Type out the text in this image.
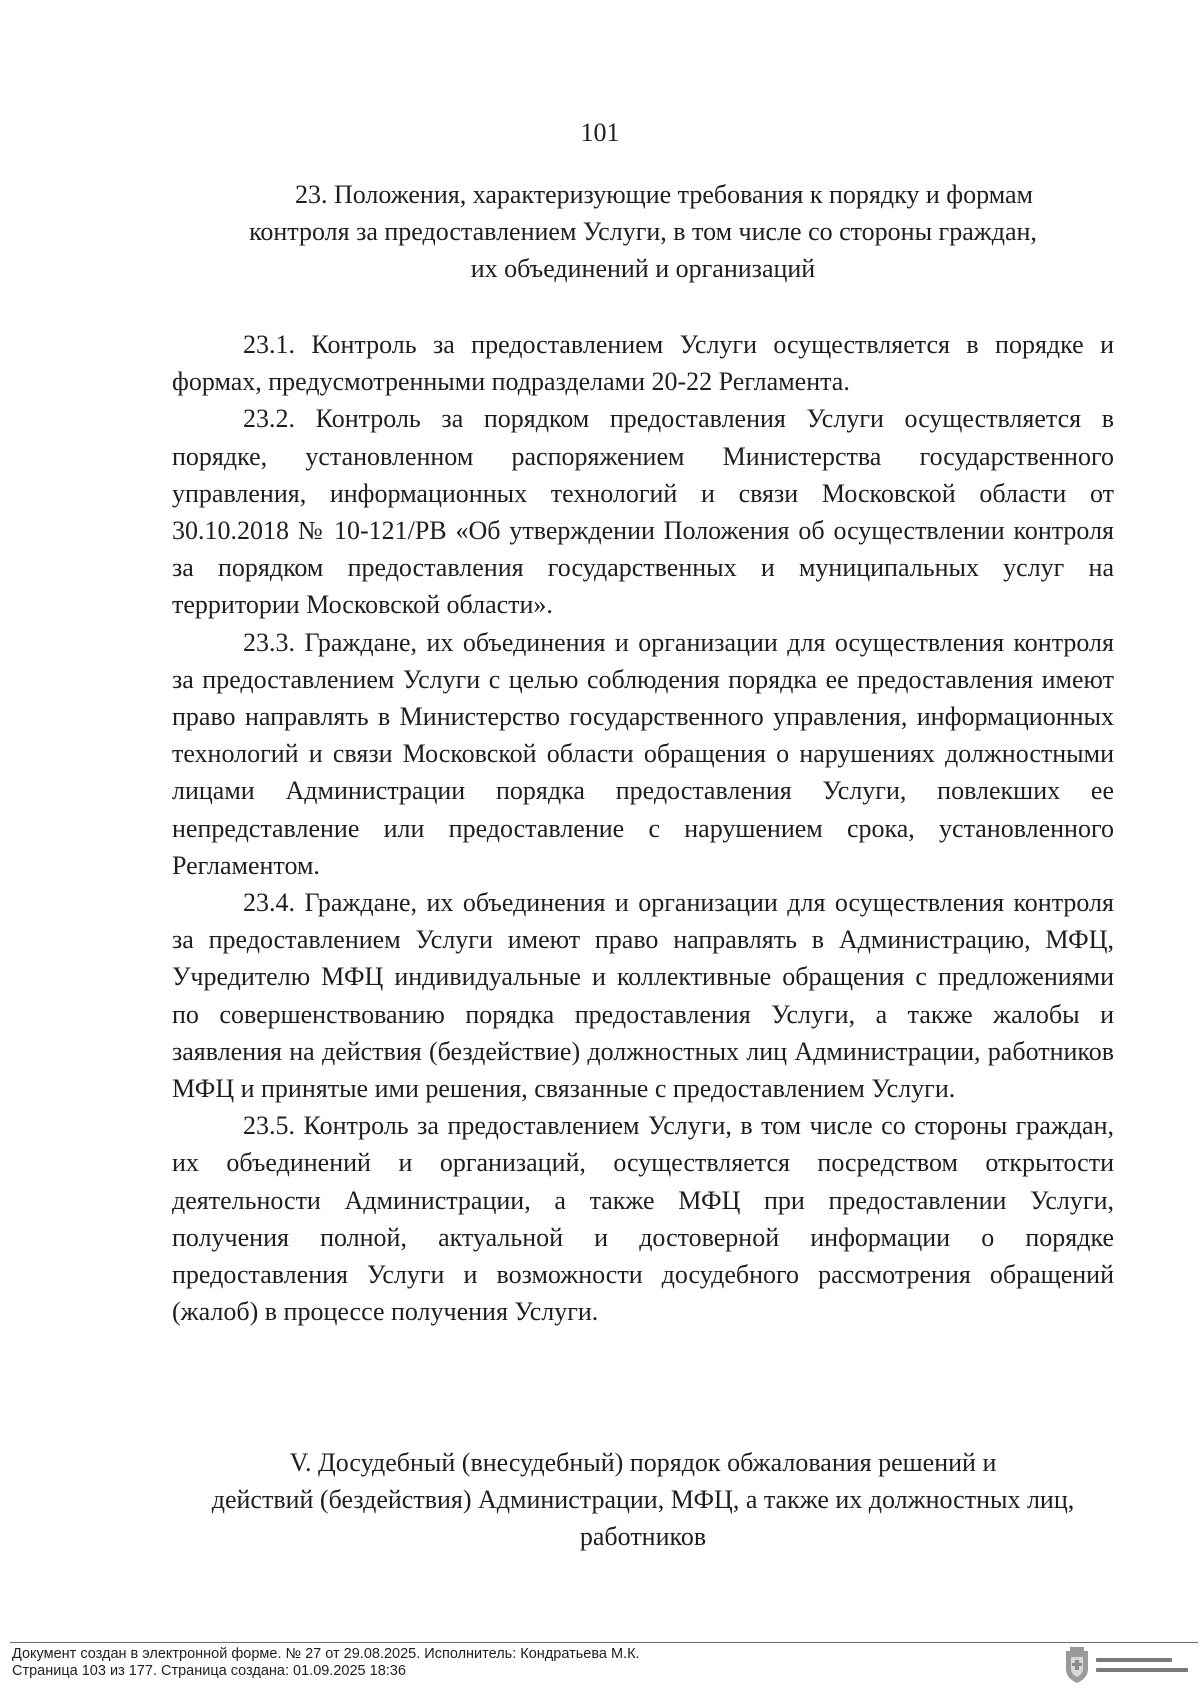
101
23. Положения, характеризующие требования к порядку и формам
контроля за предоставлением Услуги, в том числе со стороны граждан,
их объединений и организаций

23.1. Контроль за предоставлением Услуги осуществляется в порядке и формах, предусмотренными подразделами 20-22 Регламента.

23.2. Контроль за порядком предоставления Услуги осуществляется в порядке, установленном распоряжением Министерства государственного управления, информационных технологий и связи Московской области от 30.10.2018 № 10-121/РВ «Об утверждении Положения об осуществлении контроля за порядком предоставления государственных и муниципальных услуг на территории Московской области».

23.3. Граждане, их объединения и организации для осуществления контроля за предоставлением Услуги с целью соблюдения порядка ее предоставления имеют право направлять в Министерство государственного управления, информационных технологий и связи Московской области обращения о нарушениях должностными лицами Администрации порядка предоставления Услуги, повлекших ее непредставление или предоставление с нарушением срока, установленного Регламентом.

23.4. Граждане, их объединения и организации для осуществления контроля за предоставлением Услуги имеют право направлять в Администрацию, МФЦ, Учредителю МФЦ индивидуальные и коллективные обращения с предложениями по совершенствованию порядка предоставления Услуги, а также жалобы и заявления на действия (бездействие) должностных лиц Администрации, работников МФЦ и принятые ими решения, связанные с предоставлением Услуги.

23.5. Контроль за предоставлением Услуги, в том числе со стороны граждан, их объединений и организаций, осуществляется посредством открытости деятельности Администрации, а также МФЦ при предоставлении Услуги, получения полной, актуальной и достоверной информации о порядке предоставления Услуги и возможности досудебного рассмотрения обращений (жалоб) в процессе получения Услуги.

V. Досудебный (внесудебный) порядок обжалования решений и
действий (бездействия) Администрации, МФЦ, а также их должностных лиц,
работников
Документ создан в электронной форме. № 27 от 29.08.2025. Исполнитель: Кондратьева М.К.
Страница 103 из 177. Страница создана: 01.09.2025 18:36
